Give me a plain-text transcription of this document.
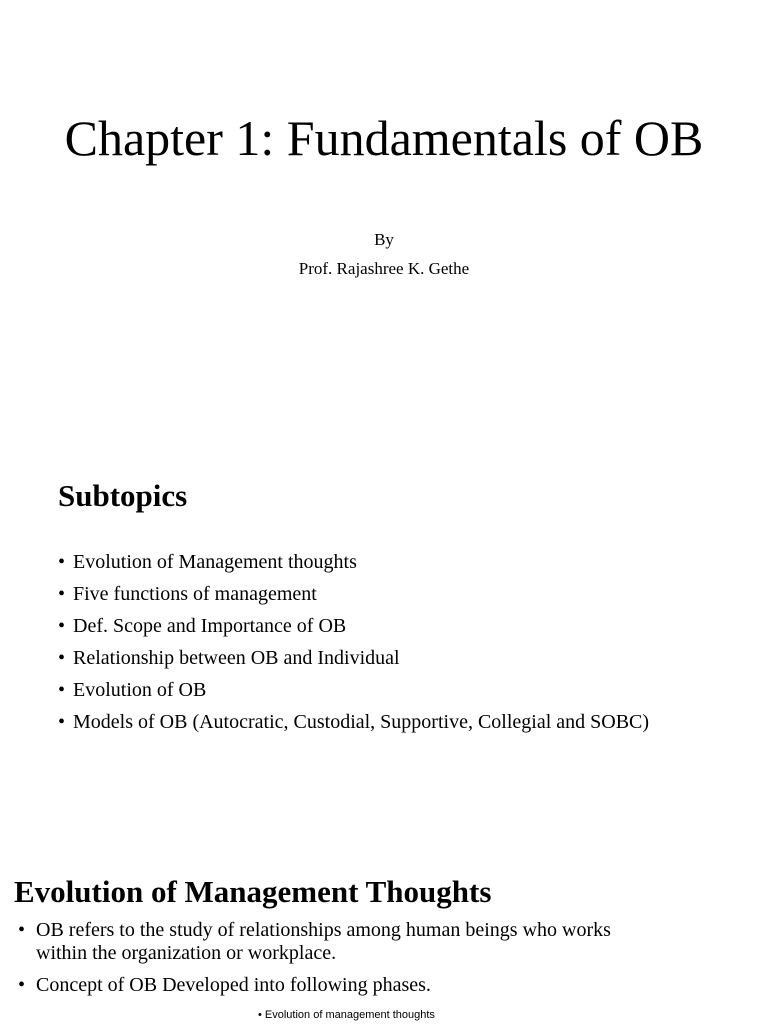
Chapter 1: Fundamentals of OB
By
Prof. Rajashree K. Gethe
Subtopics
• Evolution of Management thoughts
• Five functions of management
• Def. Scope and Importance of OB
• Relationship between OB and Individual
• Evolution of OB
• Models of OB (Autocratic, Custodial, Supportive, Collegial and SOBC)
Evolution of Management Thoughts
• OB refers to the study of relationships among human beings who works within the organization or workplace.
• Concept of OB Developed into following phases.
• Evolution of management thoughts
